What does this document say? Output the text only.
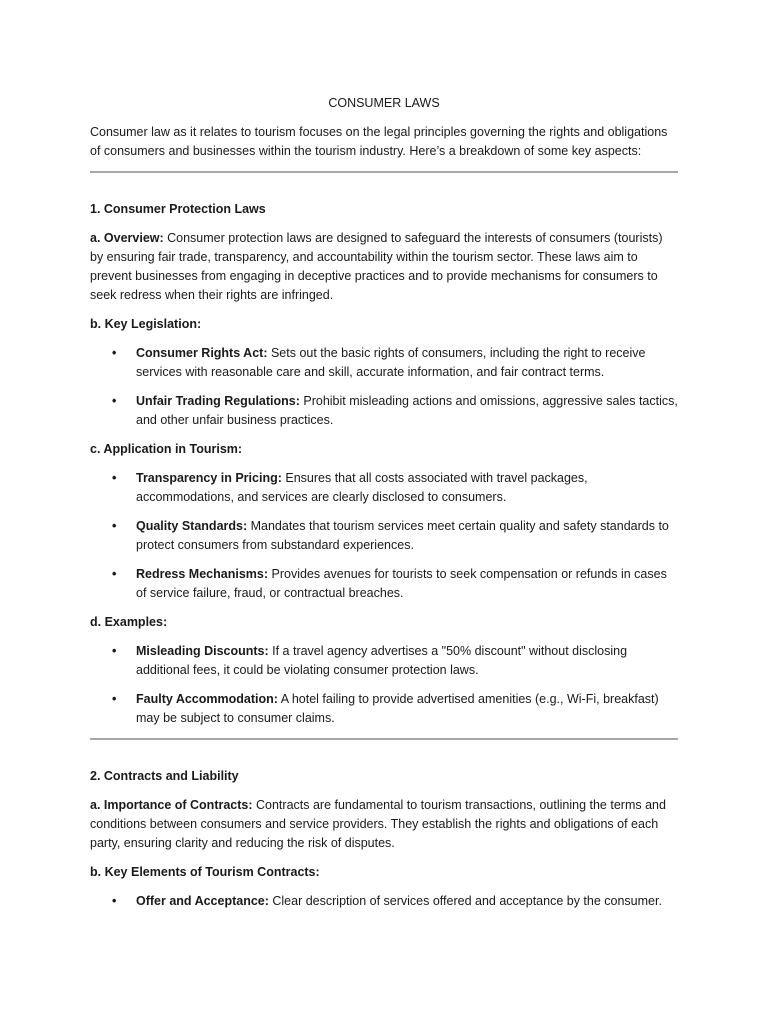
CONSUMER LAWS

Consumer law as it relates to tourism focuses on the legal principles governing the rights and obligations of consumers and businesses within the tourism industry. Here’s a breakdown of some key aspects:

1. Consumer Protection Laws

a. Overview: Consumer protection laws are designed to safeguard the interests of consumers (tourists) by ensuring fair trade, transparency, and accountability within the tourism sector. These laws aim to prevent businesses from engaging in deceptive practices and to provide mechanisms for consumers to seek redress when their rights are infringed.

b. Key Legislation:

• Consumer Rights Act: Sets out the basic rights of consumers, including the right to receive services with reasonable care and skill, accurate information, and fair contract terms.
• Unfair Trading Regulations: Prohibit misleading actions and omissions, aggressive sales tactics, and other unfair business practices.

c. Application in Tourism:

• Transparency in Pricing: Ensures that all costs associated with travel packages, accommodations, and services are clearly disclosed to consumers.
• Quality Standards: Mandates that tourism services meet certain quality and safety standards to protect consumers from substandard experiences.
• Redress Mechanisms: Provides avenues for tourists to seek compensation or refunds in cases of service failure, fraud, or contractual breaches.

d. Examples:

• Misleading Discounts: If a travel agency advertises a "50% discount" without disclosing additional fees, it could be violating consumer protection laws.
• Faulty Accommodation: A hotel failing to provide advertised amenities (e.g., Wi-Fi, breakfast) may be subject to consumer claims.

2. Contracts and Liability

a. Importance of Contracts: Contracts are fundamental to tourism transactions, outlining the terms and conditions between consumers and service providers. They establish the rights and obligations of each party, ensuring clarity and reducing the risk of disputes.

b. Key Elements of Tourism Contracts:

• Offer and Acceptance: Clear description of services offered and acceptance by the consumer.
